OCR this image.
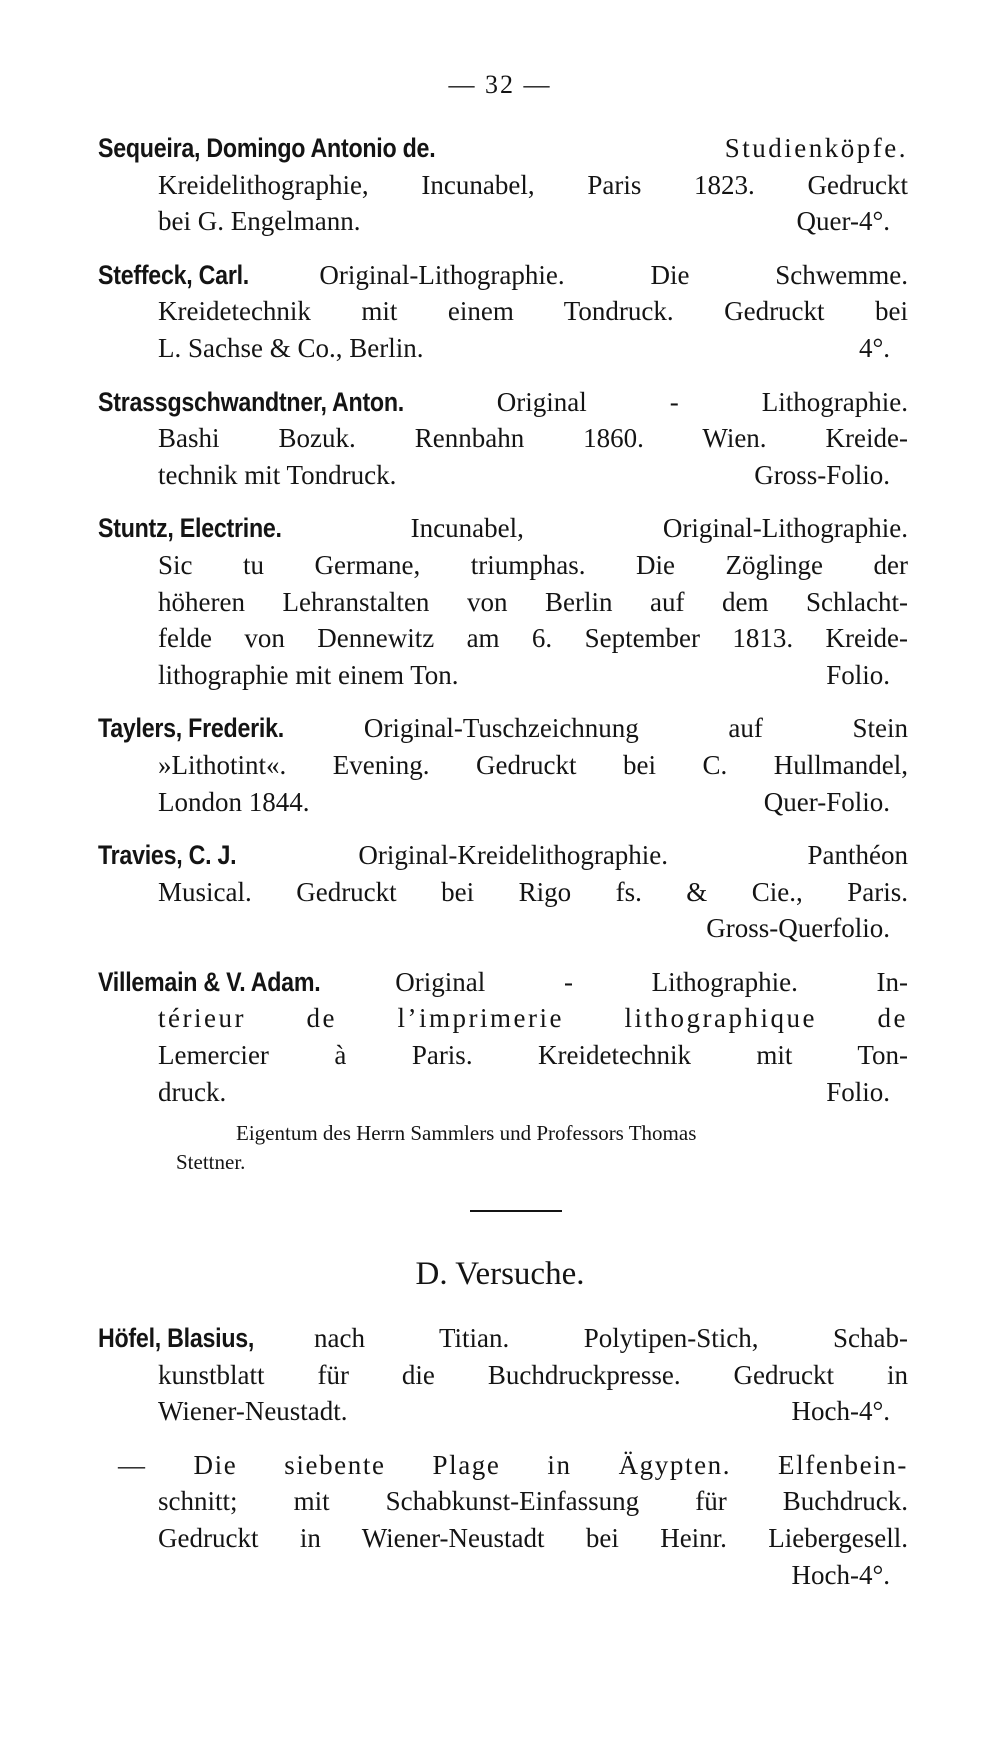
— 32 —
Sequeira, Domingo Antonio de.	Studienköpfe.
Kreidelithographie, Incunabel, Paris 1823. Gedruckt
bei G. Engelmann.	Quer-4°.
Steffeck, Carl.	Original-Lithographie. Die Schwemme.
Kreidetechnik mit einem Tondruck. Gedruckt bei
L. Sachse & Co., Berlin.	4°.
Strassgschwandtner, Anton.	Original - Lithographie.
Bashi Bozuk. Rennbahn 1860. Wien. Kreide-
technik mit Tondruck.	Gross-Folio.
Stuntz, Electrine.	Incunabel, Original-Lithographie.
Sic tu Germane, triumphas. Die Zöglinge der
höheren Lehranstalten von Berlin auf dem Schlacht-
felde von Dennewitz am 6. September 1813. Kreide-
lithographie mit einem Ton.	Folio.
Taylers, Frederik.	Original-Tuschzeichnung auf Stein
»Lithotint«. Evening. Gedruckt bei C. Hullmandel,
London 1844.	Quer-Folio.
Travies, C. J.	Original-Kreidelithographie. Panthéon
Musical. Gedruckt bei Rigo fs. & Cie., Paris.
Gross-Querfolio.
Villemain & V. Adam.	Original - Lithographie. In-
térieur de l’imprimerie lithographique de
Lemercier à Paris. Kreidetechnik mit Ton-
druck.	Folio.
Eigentum des Herrn Sammlers und Professors Thomas
Stettner.
D. Versuche.
Höfel, Blasius, nach Titian. Polytipen-Stich, Schab-
kunstblatt für die Buchdruckpresse. Gedruckt in
Wiener-Neustadt.	Hoch-4°.
— Die siebente Plage in Ägypten. Elfenbein-
schnitt; mit Schabkunst-Einfassung für Buchdruck.
Gedruckt in Wiener-Neustadt bei Heinr. Liebergesell.
Hoch-4°.
